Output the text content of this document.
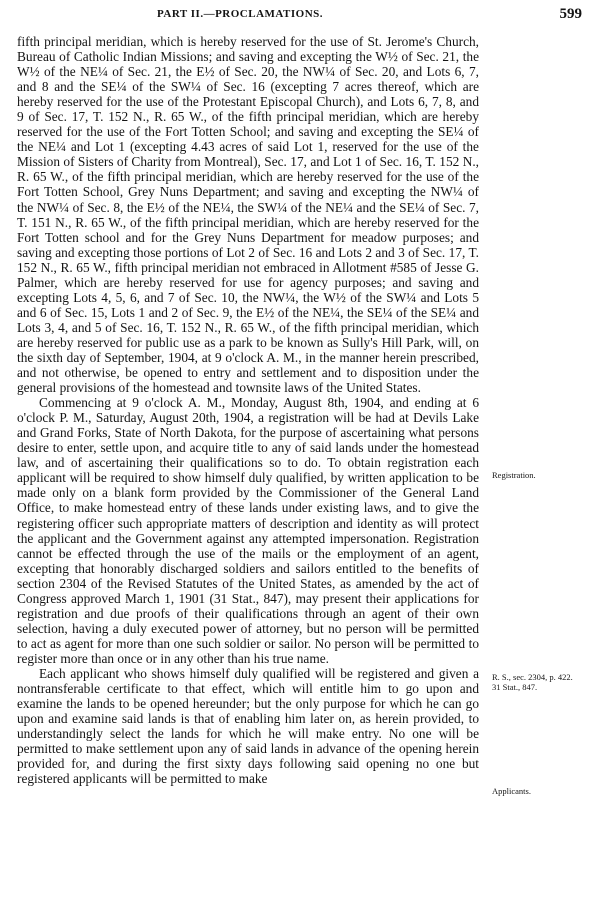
PART II.—PROCLAMATIONS.	599

fifth principal meridian, which is hereby reserved for the use of St. Jerome's Church, Bureau of Catholic Indian Missions; and saving and excepting the W½ of Sec. 21, the W½ of the NE¼ of Sec. 21, the E½ of Sec. 20, the NW¼ of Sec. 20, and Lots 6, 7, and 8 and the SE¼ of the SW¼ of Sec. 16 (excepting 7 acres thereof, which are hereby reserved for the use of the Protestant Episcopal Church), and Lots 6, 7, 8, and 9 of Sec. 17, T. 152 N., R. 65 W., of the fifth principal meridian, which are hereby reserved for the use of the Fort Totten School; and saving and excepting the SE¼ of the NE¼ and Lot 1 (excepting 4.43 acres of said Lot 1, reserved for the use of the Mission of Sisters of Charity from Montreal), Sec. 17, and Lot 1 of Sec. 16, T. 152 N., R. 65 W., of the fifth principal meridian, which are hereby reserved for the use of the Fort Totten School, Grey Nuns Department; and saving and excepting the NW¼ of the NW¼ of Sec. 8, the E½ of the NE¼, the SW¼ of the NE¼ and the SE¼ of Sec. 7, T. 151 N., R. 65 W., of the fifth principal meridian, which are hereby reserved for the Fort Totten school and for the Grey Nuns Department for meadow purposes; and saving and excepting those portions of Lot 2 of Sec. 16 and Lots 2 and 3 of Sec. 17, T. 152 N., R. 65 W., fifth principal meridian not embraced in Allotment #585 of Jesse G. Palmer, which are hereby reserved for use for agency purposes; and saving and excepting Lots 4, 5, 6, and 7 of Sec. 10, the NW¼, the W½ of the SW¼ and Lots 5 and 6 of Sec. 15, Lots 1 and 2 of Sec. 9, the E½ of the NE¼, the SE¼ of the SE¼ and Lots 3, 4, and 5 of Sec. 16, T. 152 N., R. 65 W., of the fifth principal meridian, which are hereby reserved for public use as a park to be known as Sully's Hill Park, will, on the sixth day of September, 1904, at 9 o'clock A. M., in the manner herein prescribed, and not otherwise, be opened to entry and settlement and to disposition under the general provisions of the homestead and townsite laws of the United States.

Commencing at 9 o'clock A. M., Monday, August 8th, 1904, and ending at 6 o'clock P. M., Saturday, August 20th, 1904, a registration will be had at Devils Lake and Grand Forks, State of North Dakota, for the purpose of ascertaining what persons desire to enter, settle upon, and acquire title to any of said lands under the homestead law, and of ascertaining their qualifications so to do. To obtain registration each applicant will be required to show himself duly qualified, by written application to be made only on a blank form provided by the Commissioner of the General Land Office, to make homestead entry of these lands under existing laws, and to give the registering officer such appropriate matters of description and identity as will protect the applicant and the Government against any attempted impersonation. Registration cannot be effected through the use of the mails or the employment of an agent, excepting that honorably discharged soldiers and sailors entitled to the benefits of section 2304 of the Revised Statutes of the United States, as amended by the act of Congress approved March 1, 1901 (31 Stat., 847), may present their applications for registration and due proofs of their qualifications through an agent of their own selection, having a duly executed power of attorney, but no person will be permitted to act as agent for more than one such soldier or sailor. No person will be permitted to register more than once or in any other than his true name.

Each applicant who shows himself duly qualified will be registered and given a nontransferable certificate to that effect, which will entitle him to go upon and examine the lands to be opened hereunder; but the only purpose for which he can go upon and examine said lands is that of enabling him later on, as herein provided, to understandingly select the lands for which he will make entry. No one will be permitted to make settlement upon any of said lands in advance of the opening herein provided for, and during the first sixty days following said opening no one but registered applicants will be permitted to make

Registration.
R. S., sec. 2304, p. 422.
31 Stat., 847.
Applicants.
